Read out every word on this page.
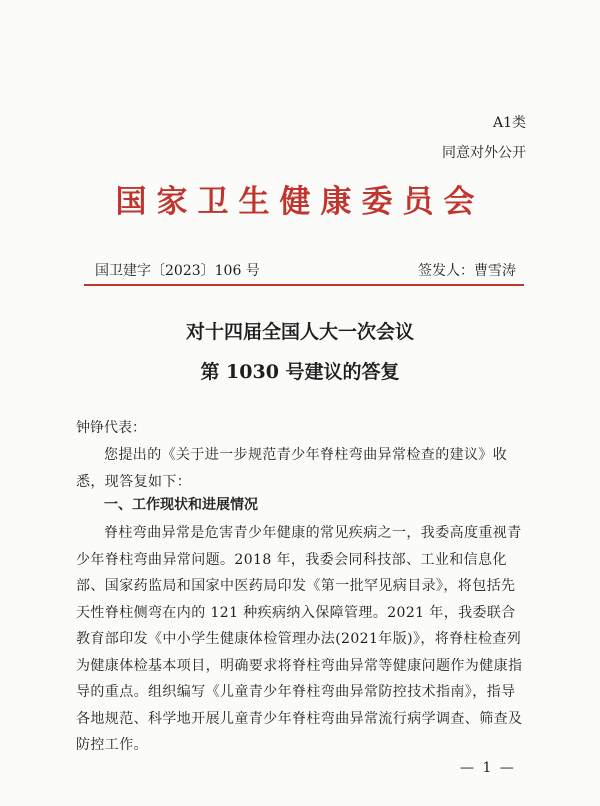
A1类
同意对外公开
国家卫生健康委员会
国卫建字〔2023〕106 号	签发人：曹雪涛
对十四届全国人大一次会议
第 1030 号建议的答复
钟铮代表：
您提出的《关于进一步规范青少年脊柱弯曲异常检查的建议》收悉，现答复如下：
一、工作现状和进展情况
脊柱弯曲异常是危害青少年健康的常见疾病之一，我委高度重视青少年脊柱弯曲异常问题。2018 年，我委会同科技部、工业和信息化部、国家药监局和国家中医药局印发《第一批罕见病目录》，将包括先天性脊柱侧弯在内的 121 种疾病纳入保障管理。2021 年，我委联合教育部印发《中小学生健康体检管理办法(2021年版)》，将脊柱检查列为健康体检基本项目，明确要求将脊柱弯曲异常等健康问题作为健康指导的重点。组织编写《儿童青少年脊柱弯曲异常防控技术指南》，指导各地规范、科学地开展儿童青少年脊柱弯曲异常流行病学调查、筛查及防控工作。
— 1 —
